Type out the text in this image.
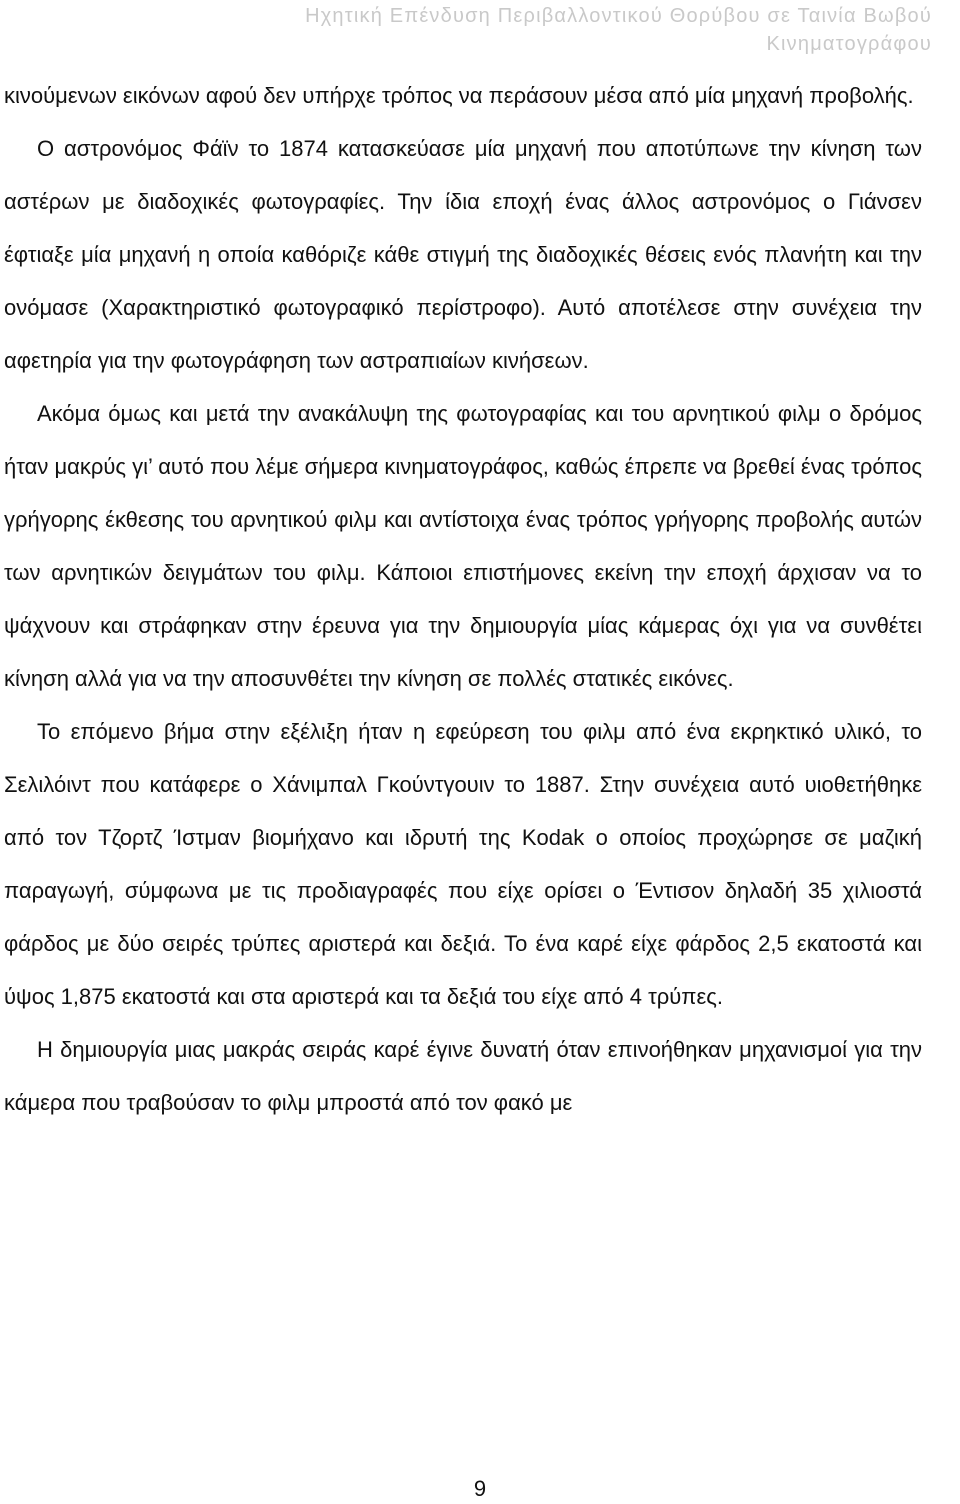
Ηχητική Επένδυση Περιβαλλοντικού Θορύβου σε Ταινία Βωβού
Κινηματογράφου

κινούμενων εικόνων αφού δεν υπήρχε τρόπος να περάσουν μέσα από μία μηχανή προβολής.

Ο αστρονόμος Φάϊν το 1874 κατασκεύασε μία μηχανή που αποτύπωνε την κίνηση των αστέρων με διαδοχικές φωτογραφίες. Την ίδια εποχή ένας άλλος αστρονόμος ο Γιάνσεν έφτιαξε μία μηχανή η οποία καθόριζε κάθε στιγμή της διαδοχικές θέσεις ενός πλανήτη και την ονόμασε (Χαρακτηριστικό φωτογραφικό περίστροφο). Αυτό αποτέλεσε στην συνέχεια την αφετηρία για την φωτογράφηση των αστραπιαίων κινήσεων.

Ακόμα όμως και μετά την ανακάλυψη της φωτογραφίας και του αρνητικού φιλμ ο δρόμος ήταν μακρύς γι’ αυτό που λέμε σήμερα κινηματογράφος, καθώς έπρεπε να βρεθεί ένας τρόπος γρήγορης έκθεσης του αρνητικού φιλμ και αντίστοιχα ένας τρόπος γρήγορης προβολής αυτών των αρνητικών δειγμάτων του φιλμ. Κάποιοι επιστήμονες εκείνη την εποχή άρχισαν να το ψάχνουν και στράφηκαν στην έρευνα για την δημιουργία μίας κάμερας όχι για να συνθέτει κίνηση αλλά για να την αποσυνθέτει την κίνηση σε πολλές στατικές εικόνες.

Το επόμενο βήμα στην εξέλιξη ήταν η εφεύρεση του φιλμ από ένα εκρηκτικό υλικό, το Σελιλόιντ που κατάφερε ο Χάνιμπαλ Γκούντγουιν το 1887. Στην συνέχεια αυτό υιοθετήθηκε από τον Τζορτζ Ίστμαν βιομήχανο και ιδρυτή της Kodak ο οποίος προχώρησε σε μαζική παραγωγή, σύμφωνα με τις προδιαγραφές που είχε ορίσει ο Έντισον δηλαδή 35 χιλιοστά φάρδος με δύο σειρές τρύπες αριστερά και δεξιά. Το ένα καρέ είχε φάρδος 2,5 εκατοστά και ύψος 1,875 εκατοστά και στα αριστερά και τα δεξιά του είχε από 4 τρύπες.

Η δημιουργία μιας μακράς σειράς καρέ έγινε δυνατή όταν επινοήθηκαν μηχανισμοί για την κάμερα που τραβούσαν το φιλμ μπροστά από τον φακό με

9
